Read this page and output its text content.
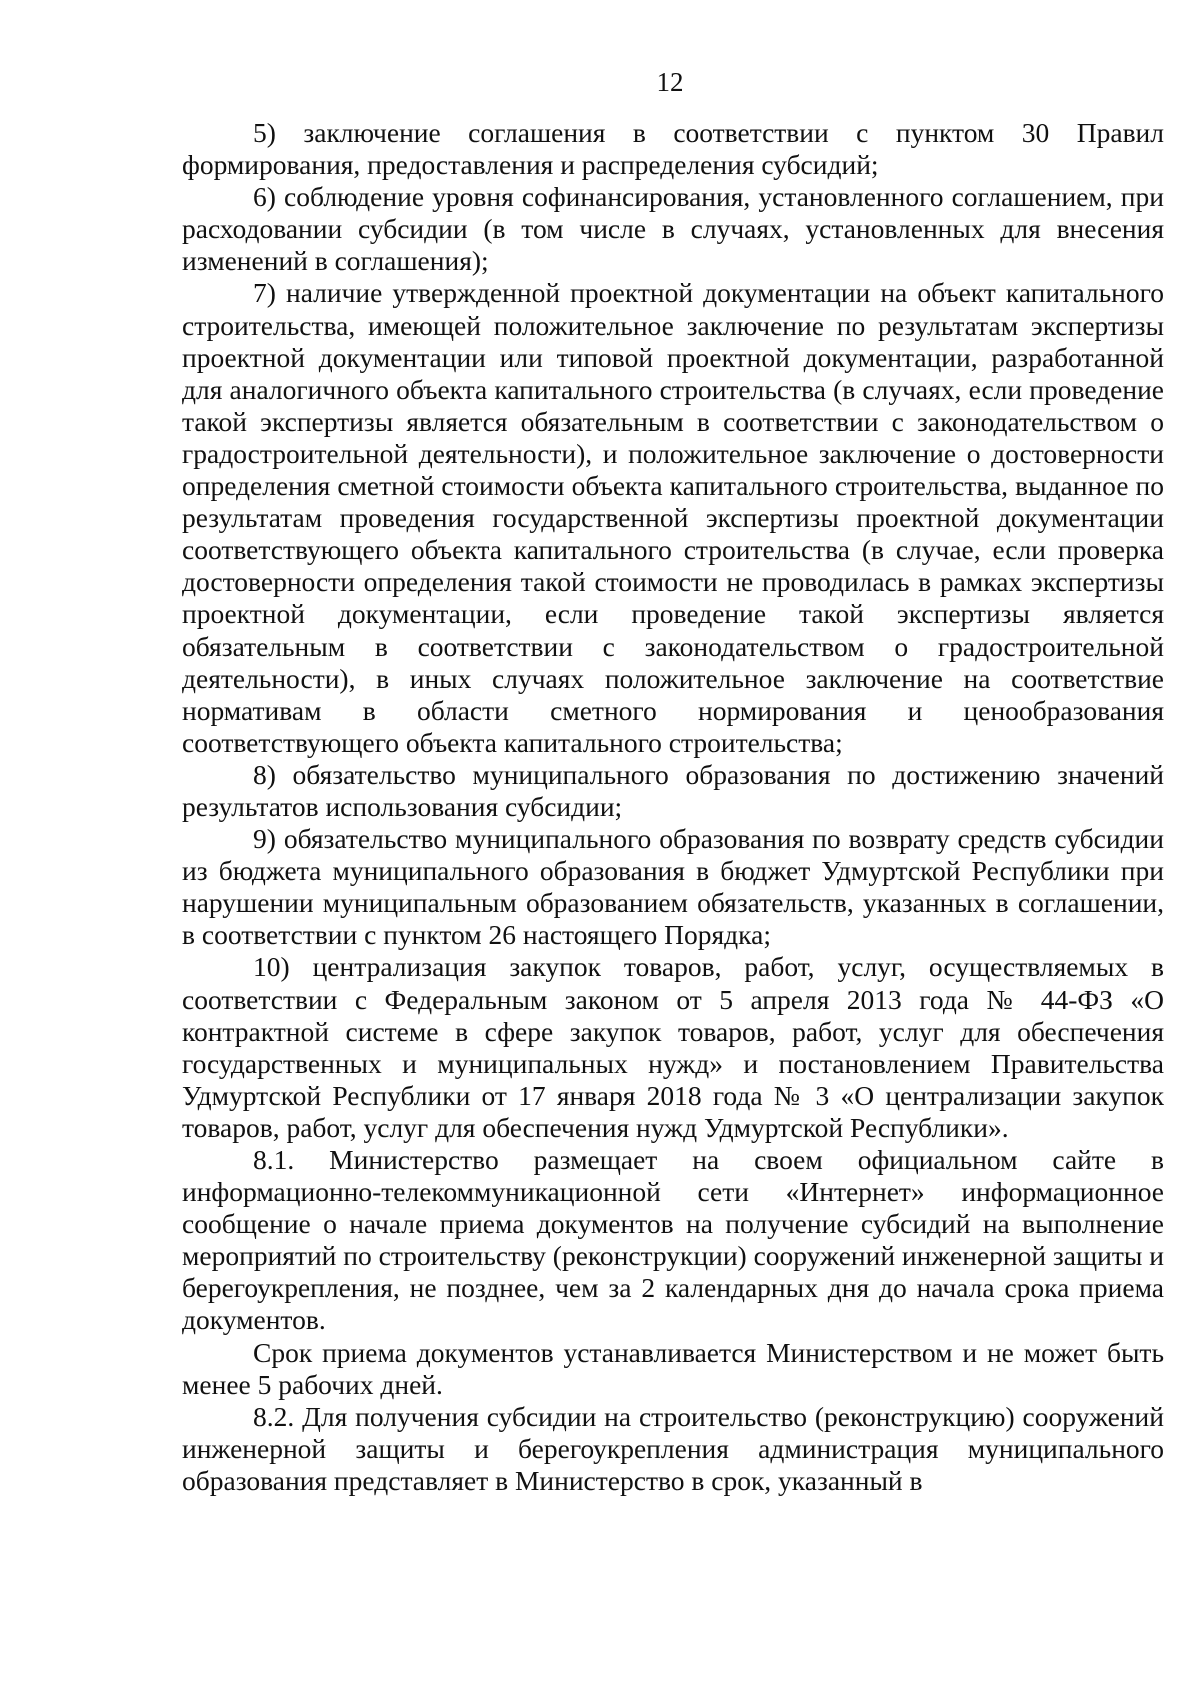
12

5) заключение соглашения в соответствии с пунктом 30 Правил формирования, предоставления и распределения субсидий;

6) соблюдение уровня софинансирования, установленного соглашением, при расходовании субсидии (в том числе в случаях, установленных для внесения изменений в соглашения);

7) наличие утвержденной проектной документации на объект капитального строительства, имеющей положительное заключение по результатам экспертизы проектной документации или типовой проектной документации, разработанной для аналогичного объекта капитального строительства (в случаях, если проведение такой экспертизы является обязательным в соответствии с законодательством о градостроительной деятельности), и положительное заключение о достоверности определения сметной стоимости объекта капитального строительства, выданное по результатам проведения государственной экспертизы проектной документации соответствующего объекта капитального строительства (в случае, если проверка достоверности определения такой стоимости не проводилась в рамках экспертизы проектной документации, если проведение такой экспертизы является обязательным в соответствии с законодательством о градостроительной деятельности), в иных случаях положительное заключение на соответствие нормативам в области сметного нормирования и ценообразования соответствующего объекта капитального строительства;

8) обязательство муниципального образования по достижению значений результатов использования субсидии;

9) обязательство муниципального образования по возврату средств субсидии из бюджета муниципального образования в бюджет Удмуртской Республики при нарушении муниципальным образованием обязательств, указанных в соглашении, в соответствии с пунктом 26 настоящего Порядка;

10) централизация закупок товаров, работ, услуг, осуществляемых в соответствии с Федеральным законом от 5 апреля 2013 года № 44-ФЗ «О контрактной системе в сфере закупок товаров, работ, услуг для обеспечения государственных и муниципальных нужд» и постановлением Правительства Удмуртской Республики от 17 января 2018 года № 3 «О централизации закупок товаров, работ, услуг для обеспечения нужд Удмуртской Республики».

8.1. Министерство размещает на своем официальном сайте в информационно-телекоммуникационной сети «Интернет» информационное сообщение о начале приема документов на получение субсидий на выполнение мероприятий по строительству (реконструкции) сооружений инженерной защиты и берегоукрепления, не позднее, чем за 2 календарных дня до начала срока приема документов.

Срок приема документов устанавливается Министерством и не может быть менее 5 рабочих дней.

8.2. Для получения субсидии на строительство (реконструкцию) сооружений инженерной защиты и берегоукрепления администрация муниципального образования представляет в Министерство в срок, указанный в
